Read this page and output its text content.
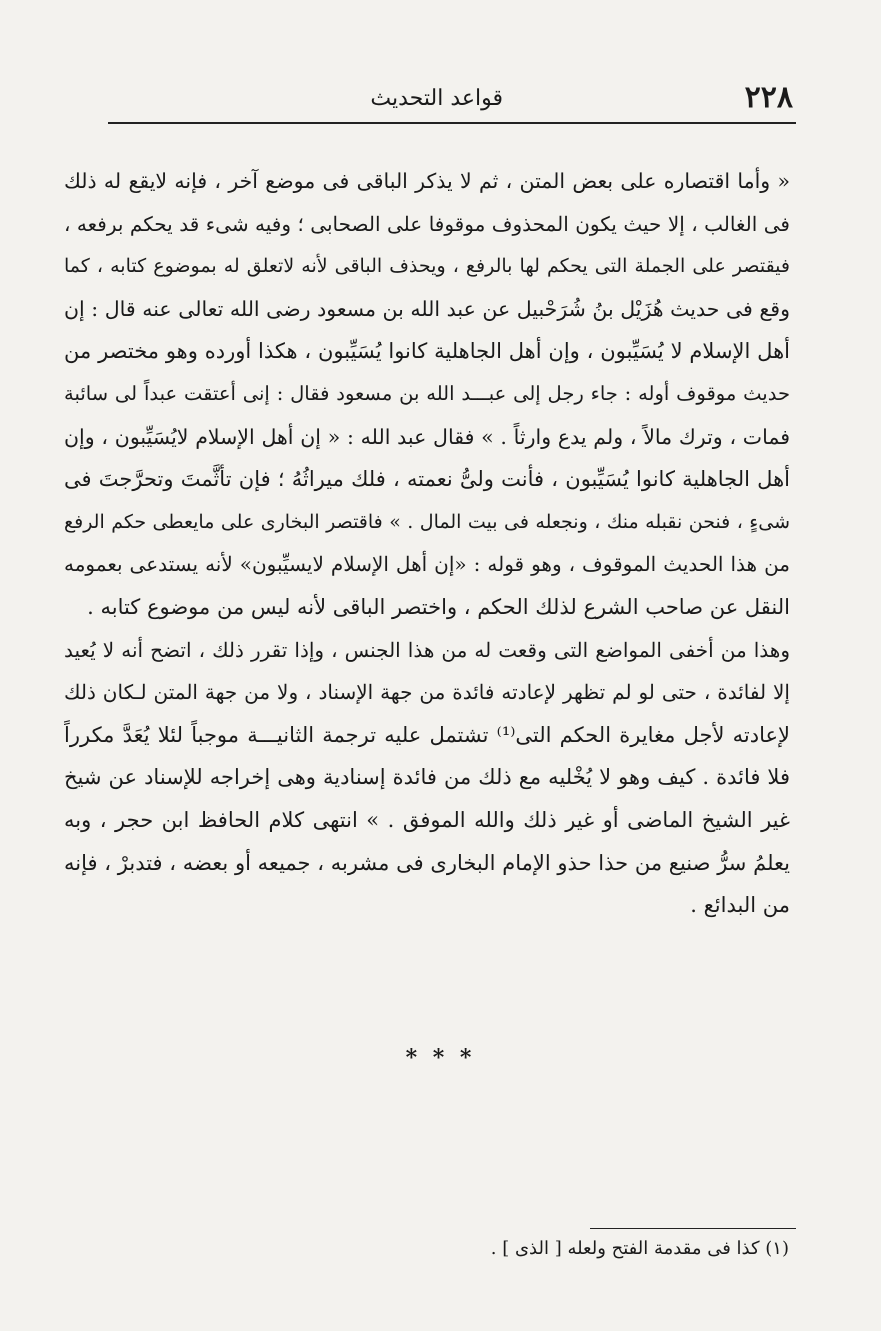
٢٢٨
قواعد التحديث
« وأما اقتصاره على بعض المتن ، ثم لا يذكر الباقى فى موضع آخر ، فإنه لايقع له ذلك
فى الغالب ، إلا حيث يكون المحذوف موقوفا على الصحابى ؛ وفيه شىء قد يحكم برفعه ،
فيقتصر على الجملة التى يحكم لها بالرفع ، ويحذف الباقى لأنه لاتعلق له بموضوع كتابه ، كما
وقع فى حديث هُزَيْل بنُ شُرَحْبيل عن عبد الله بن مسعود رضى الله تعالى عنه قال : إن
أهل الإسلام لا يُسَيِّبون ، وإن أهل الجاهلية كانوا يُسَيِّبون ، هكذا أورده وهو مختصر من
حديث موقوف أوله : جاء رجل إلى عبـــد الله بن مسعود فقال : إنى أعتقت عبداً لى سائبة
فمات ، وترك مالاً ، ولم يدع وارثاً . » فقال عبد الله : « إن أهل الإسلام لايُسَيِّبون ، وإن
أهل الجاهلية كانوا يُسَيِّبون ، فأنت ولىُّ نعمته ، فلك ميراثُهُ ؛ فإن تأثَّمتَ وتحرَّجتَ فى
شىءٍ ، فنحن نقبله منك ، ونجعله فى بيت المال . » فاقتصر البخارى على مايعطى حكم الرفع
من هذا الحديث الموقوف ، وهو قوله : «إن أهل الإسلام لايسيِّبون» لأنه يستدعى بعمومه
النقل عن صاحب الشرع لذلك الحكم ، واختصر الباقى لأنه ليس من موضوع كتابه .
وهذا من أخفى المواضع التى وقعت له من هذا الجنس ، وإذا تقرر ذلك ، اتضح أنه لا يُعيد
إلا لفائدة ، حتى لو لم تظهر لإعادته فائدة من جهة الإسناد ، ولا من جهة المتن لـكان ذلك
لإعادته لأجل مغايرة الحكم التى⁽¹⁾ تشتمل عليه ترجمة الثانيـــة موجباً لئلا يُعَدَّ مكرراً
فلا فائدة . كيف وهو لا يُخْليه مع ذلك من فائدة إسنادية وهى إخراجه للإسناد عن شيخ
غير الشيخ الماضى أو غير ذلك والله الموفق . » انتهى كلام الحافظ ابن حجر ، وبه
يعلمُ سرُّ صنيع من حذا حذو الإمام البخارى فى مشربه ، جميعه أو بعضه ، فتدبرْ ، فإنه
من البدائع .
* * *
(١) كذا فى مقدمة الفتح ولعله [ الذى ] .
